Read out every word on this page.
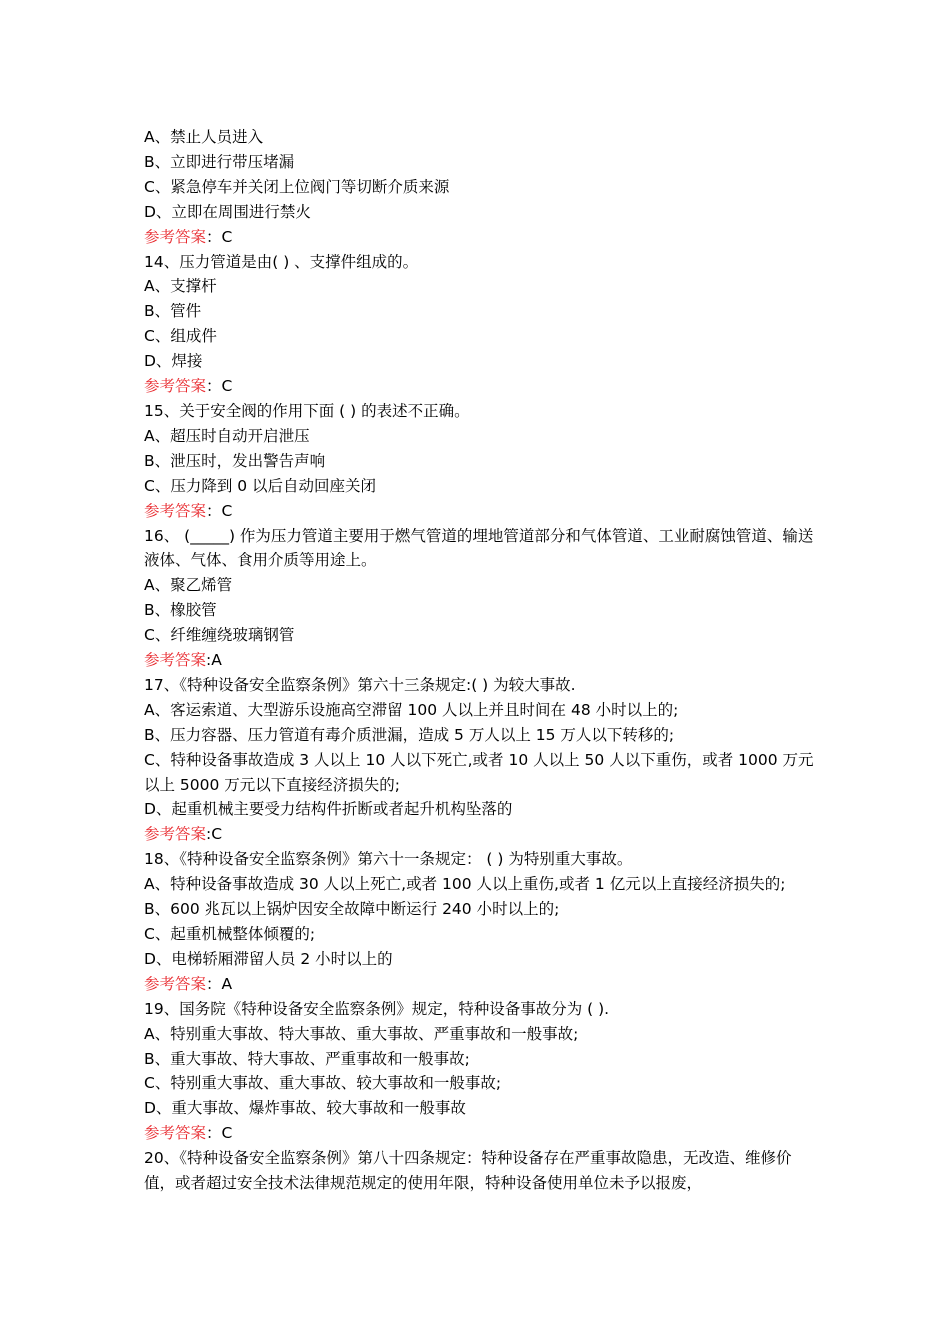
A、禁止人员进入
B、立即进行带压堵漏
C、紧急停车并关闭上位阀门等切断介质来源
D、立即在周围进行禁火
参考答案：C
14、压力管道是由( ) 、支撑件组成的。
A、支撑杆
B、管件
C、组成件
D、焊接
参考答案：C
15、关于安全阀的作用下面 ( ) 的表述不正确。
A、超压时自动开启泄压
B、泄压时，发出警告声响
C、压力降到 0 以后自动回座关闭
参考答案：C
16、 (_____) 作为压力管道主要用于燃气管道的埋地管道部分和气体管道、工业耐腐蚀管道、输送液体、气体、食用介质等用途上。
A、聚乙烯管
B、橡胶管
C、纤维缠绕玻璃钢管
参考答案:A
17、《特种设备安全监察条例》第六十三条规定:( ) 为较大事故.
A、客运索道、大型游乐设施高空滞留 100 人以上并且时间在 48 小时以上的;
B、压力容器、压力管道有毒介质泄漏，造成 5 万人以上 15 万人以下转移的;
C、特种设备事故造成 3 人以上 10 人以下死亡,或者 10 人以上 50 人以下重伤，或者 1000 万元以上 5000 万元以下直接经济损失的;
D、起重机械主要受力结构件折断或者起升机构坠落的
参考答案:C
18、《特种设备安全监察条例》第六十一条规定： ( ) 为特别重大事故。
A、特种设备事故造成 30 人以上死亡,或者 100 人以上重伤,或者 1 亿元以上直接经济损失的;
B、600 兆瓦以上锅炉因安全故障中断运行 240 小时以上的;
C、起重机械整体倾覆的;
D、电梯轿厢滞留人员 2 小时以上的
参考答案：A
19、国务院《特种设备安全监察条例》规定，特种设备事故分为 ( ).
A、特别重大事故、特大事故、重大事故、严重事故和一般事故;
B、重大事故、特大事故、严重事故和一般事故;
C、特别重大事故、重大事故、较大事故和一般事故;
D、重大事故、爆炸事故、较大事故和一般事故
参考答案：C
20、《特种设备安全监察条例》第八十四条规定：特种设备存在严重事故隐患，无改造、维修价值，或者超过安全技术法律规范规定的使用年限，特种设备使用单位未予以报废，
